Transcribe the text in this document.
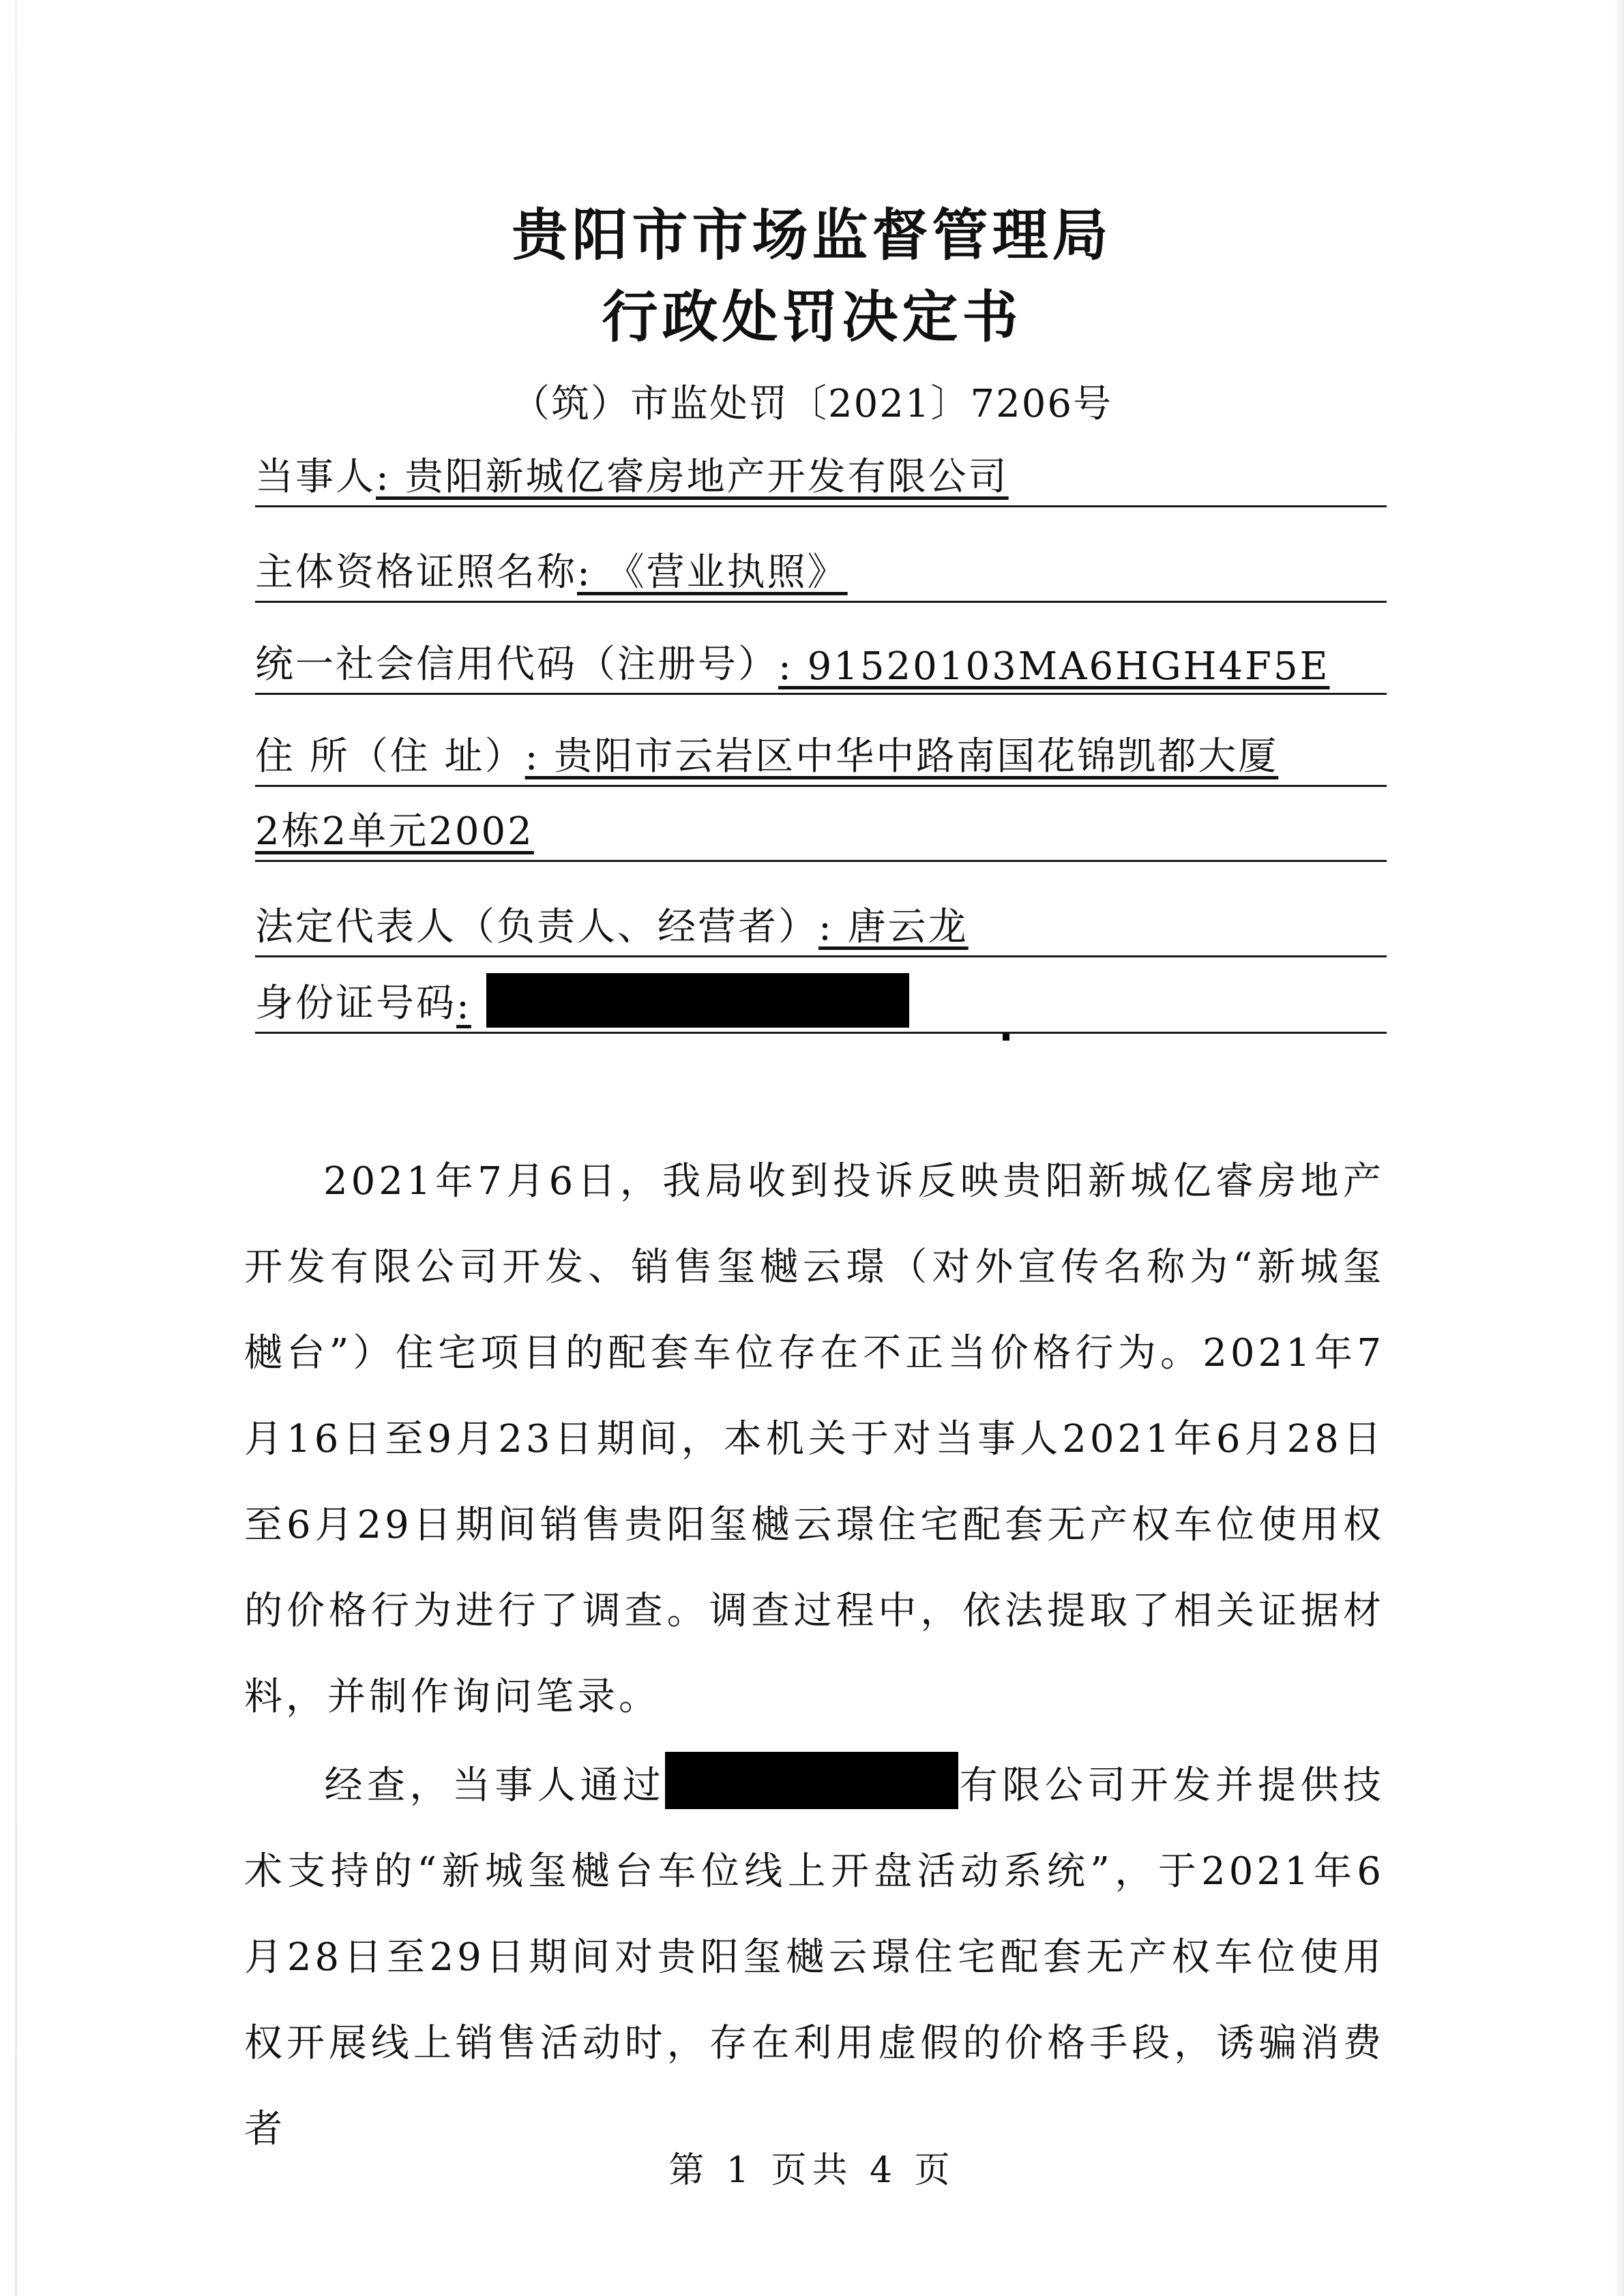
贵阳市市场监督管理局
行政处罚决定书
（筑）市监处罚〔2021〕7206号
当事人 : 贵阳新城亿睿房地产开发有限公司
主体资格证照名称 : 《营业执照》
统一社会信用代码（注册号） : 91520103MA6HGH4F5E
住 所（住 址） : 贵阳市云岩区中华中路南国花锦凯都大厦
2栋2单元2002
法定代表人（负责人、经营者） : 唐云龙
身份证号码 :

2021年7月6日，我局收到投诉反映贵阳新城亿睿房地产开发有限公司开发、销售玺樾云璟（对外宣传名称为“新城玺樾台”）住宅项目的配套车位存在不正当价格行为。2021年7月16日至9月23日期间，本机关于对当事人2021年6月28日至6月29日期间销售贵阳玺樾云璟住宅配套无产权车位使用权的价格行为进行了调查。调查过程中，依法提取了相关证据材料，并制作询问笔录。

经查，当事人通过	有限公司开发并提供技术支持的“新城玺樾台车位线上开盘活动系统”，于2021年6月28日至29日期间对贵阳玺樾云璟住宅配套无产权车位使用权开展线上销售活动时，存在利用虚假的价格手段，诱骗消费者

第 1 页共 4 页
